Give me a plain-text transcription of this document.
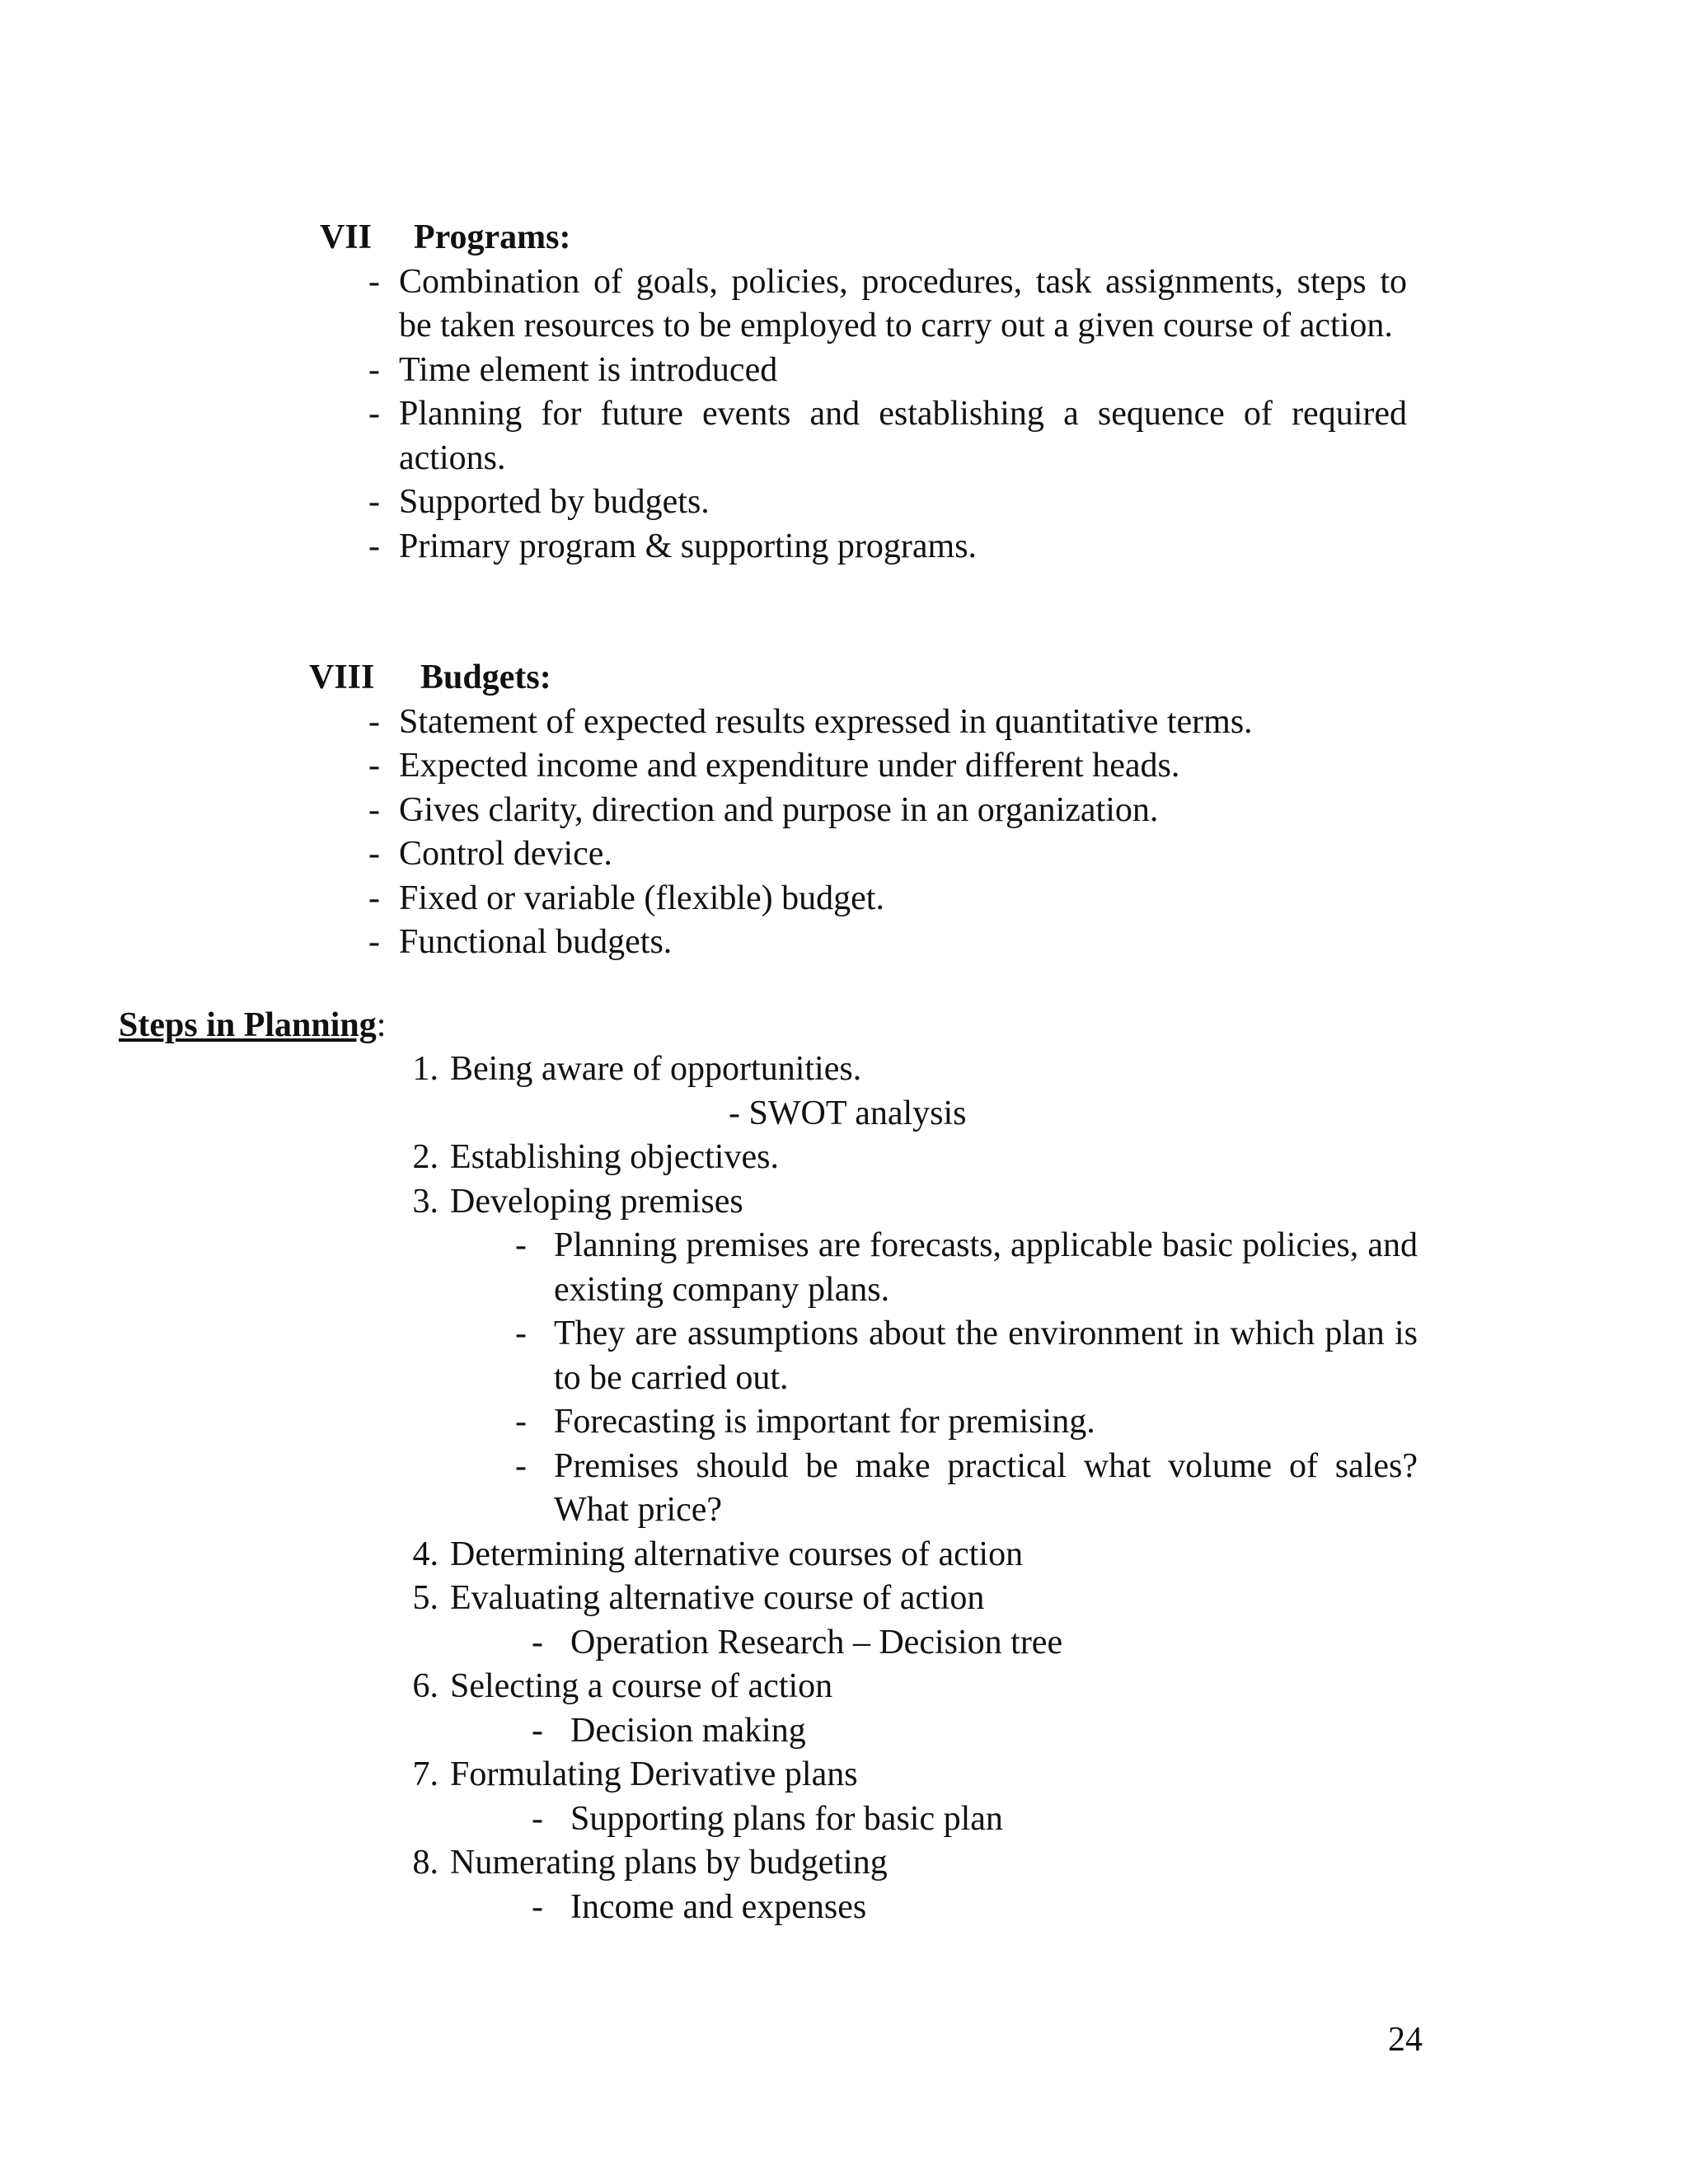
VII	Programs:
- Combination of goals, policies, procedures, task assignments, steps to be taken resources to be employed to carry out a given course of action.
- Time element is introduced
- Planning for future events and establishing a sequence of required actions.
- Supported by budgets.
- Primary program & supporting programs.
VIII	Budgets:
- Statement of expected results expressed in quantitative terms.
- Expected income and expenditure under different heads.
- Gives clarity, direction and purpose in an organization.
- Control device.
- Fixed or variable (flexible) budget.
- Functional budgets.
Steps in Planning:
1. Being aware of opportunities.
- SWOT analysis
2. Establishing objectives.
3. Developing premises
- Planning premises are forecasts, applicable basic policies, and existing company plans.
- They are assumptions about the environment in which plan is to be carried out.
- Forecasting is important for premising.
- Premises should be make practical what volume of sales? What price?
4. Determining alternative courses of action
5. Evaluating alternative course of action
- Operation Research – Decision tree
6. Selecting a course of action
- Decision making
7. Formulating Derivative plans
- Supporting plans for basic plan
8. Numerating plans by budgeting
- Income and expenses
24
